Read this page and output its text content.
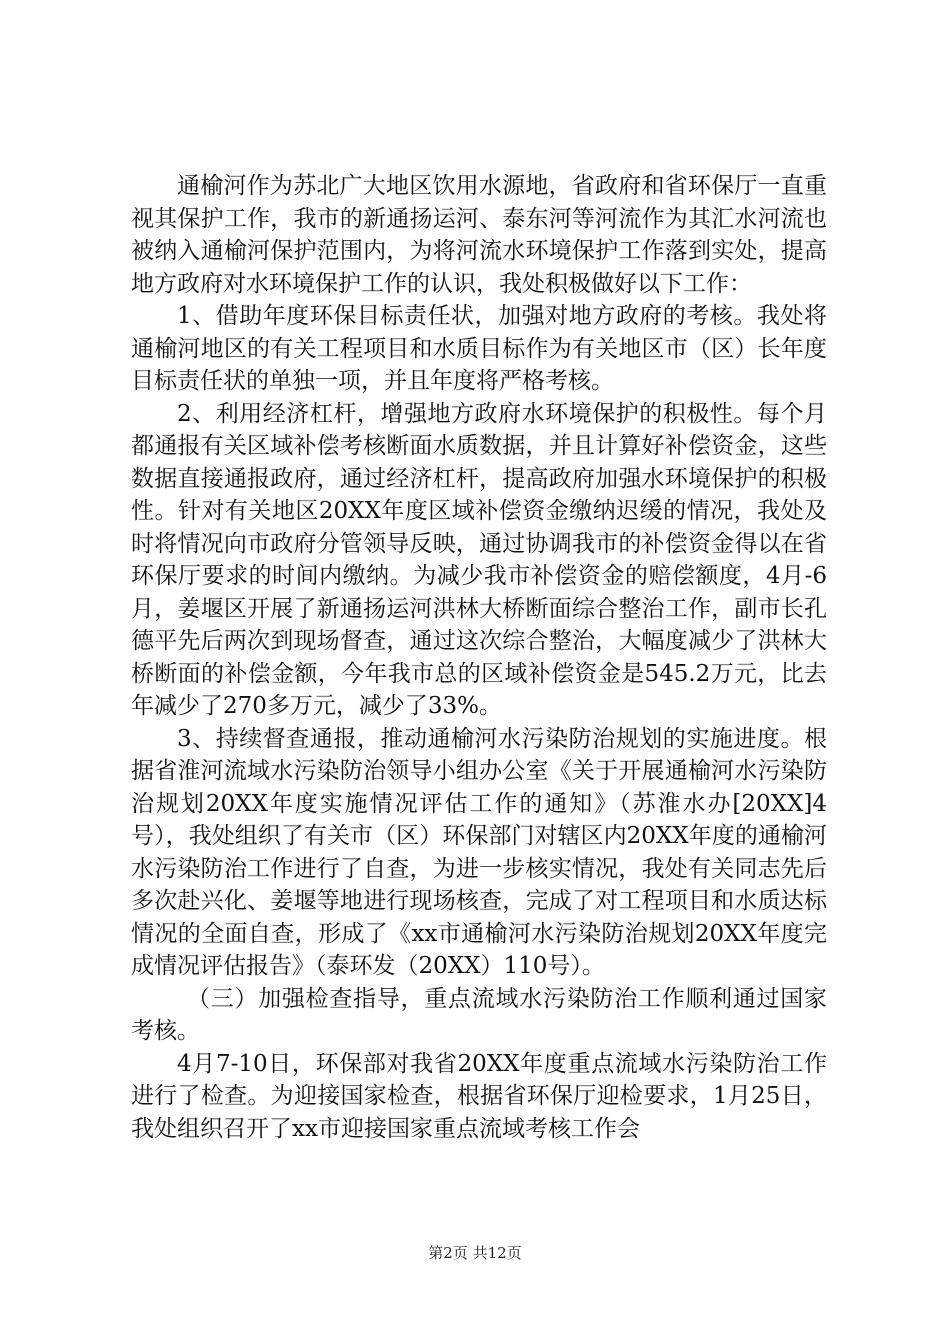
通榆河作为苏北广大地区饮用水源地，省政府和省环保厅一直重视其保护工作，我市的新通扬运河、泰东河等河流作为其汇水河流也被纳入通榆河保护范围内，为将河流水环境保护工作落到实处，提高地方政府对水环境保护工作的认识，我处积极做好以下工作：

1、借助年度环保目标责任状，加强对地方政府的考核。我处将通榆河地区的有关工程项目和水质目标作为有关地区市（区）长年度目标责任状的单独一项，并且年度将严格考核。

2、利用经济杠杆，增强地方政府水环境保护的积极性。每个月都通报有关区域补偿考核断面水质数据，并且计算好补偿资金，这些数据直接通报政府，通过经济杠杆，提高政府加强水环境保护的积极性。针对有关地区20XX年度区域补偿资金缴纳迟缓的情况，我处及时将情况向市政府分管领导反映，通过协调我市的补偿资金得以在省环保厅要求的时间内缴纳。为减少我市补偿资金的赔偿额度，4月-6月，姜堰区开展了新通扬运河洪林大桥断面综合整治工作，副市长孔德平先后两次到现场督查，通过这次综合整治，大幅度减少了洪林大桥断面的补偿金额，今年我市总的区域补偿资金是545.2万元，比去年减少了270多万元，减少了33%。

3、持续督查通报，推动通榆河水污染防治规划的实施进度。根据省淮河流域水污染防治领导小组办公室《关于开展通榆河水污染防治规划20XX年度实施情况评估工作的通知》（苏淮水办[20XX]4号），我处组织了有关市（区）环保部门对辖区内20XX年度的通榆河水污染防治工作进行了自查，为进一步核实情况，我处有关同志先后多次赴兴化、姜堰等地进行现场核查，完成了对工程项目和水质达标情况的全面自查，形成了《xx市通榆河水污染防治规划20XX年度完成情况评估报告》（泰环发（20XX）110号）。

（三）加强检查指导，重点流域水污染防治工作顺利通过国家考核。

4月7-10日，环保部对我省20XX年度重点流域水污染防治工作进行了检查。为迎接国家检查，根据省环保厅迎检要求，1月25日，我处组织召开了xx市迎接国家重点流域考核工作会

第2页 共12页
